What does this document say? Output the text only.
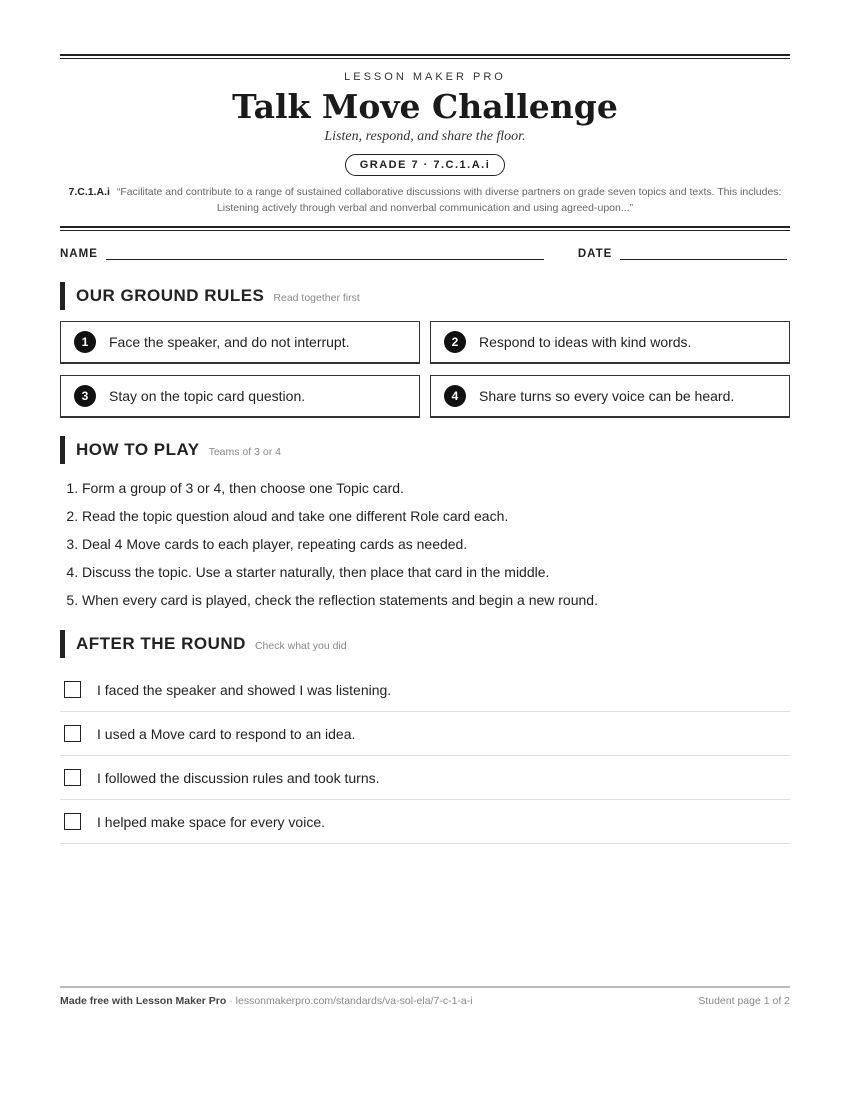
LESSON MAKER PRO
Talk Move Challenge
Listen, respond, and share the floor.
GRADE 7 · 7.C.1.A.i
7.C.1.A.i “Facilitate and contribute to a range of sustained collaborative discussions with diverse partners on grade seven topics and texts. This includes: Listening actively through verbal and nonverbal communication and using agreed-upon...”
NAME	DATE
OUR GROUND RULES Read together first
1	Face the speaker, and do not interrupt.	2	Respond to ideas with kind words.
3	Stay on the topic card question.	4	Share turns so every voice can be heard.
HOW TO PLAY Teams of 3 or 4
1. Form a group of 3 or 4, then choose one Topic card.
2. Read the topic question aloud and take one different Role card each.
3. Deal 4 Move cards to each player, repeating cards as needed.
4. Discuss the topic. Use a starter naturally, then place that card in the middle.
5. When every card is played, check the reflection statements and begin a new round.
AFTER THE ROUND Check what you did
I faced the speaker and showed I was listening.
I used a Move card to respond to an idea.
I followed the discussion rules and took turns.
I helped make space for every voice.
Made free with Lesson Maker Pro · lessonmakerpro.com/standards/va-sol-ela/7-c-1-a-i	Student page 1 of 2
